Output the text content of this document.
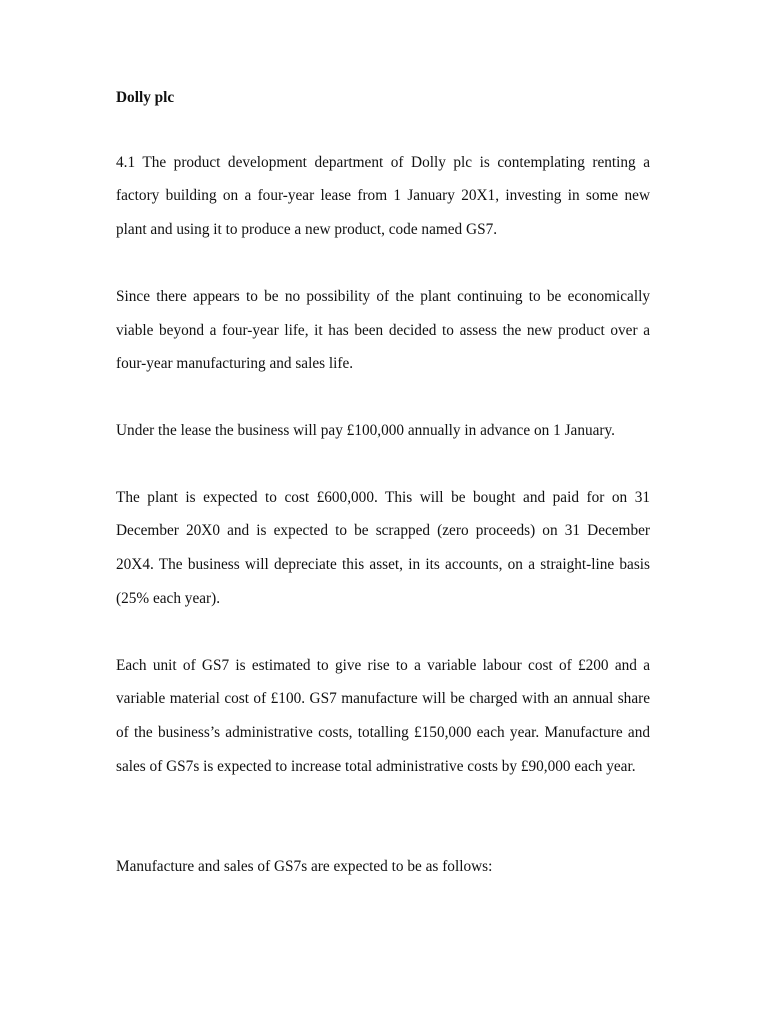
Dolly plc
4.1 The product development department of Dolly plc is contemplating renting a
factory building on a four-year lease from 1 January 20X1, investing in some new
plant and using it to produce a new product, code named GS7.
Since there appears to be no possibility of the plant continuing to be economically
viable beyond a four-year life, it has been decided to assess the new product over a
four-year manufacturing and sales life.
Under the lease the business will pay £100,000 annually in advance on 1 January.
The plant is expected to cost £600,000. This will be bought and paid for on 31
December 20X0 and is expected to be scrapped (zero proceeds) on 31 December
20X4. The business will depreciate this asset, in its accounts, on a straight-line basis
(25% each year).
Each unit of GS7 is estimated to give rise to a variable labour cost of £200 and a
variable material cost of £100. GS7 manufacture will be charged with an annual share
of the business’s administrative costs, totalling £150,000 each year. Manufacture and
sales of GS7s is expected to increase total administrative costs by £90,000 each year.
Manufacture and sales of GS7s are expected to be as follows:
